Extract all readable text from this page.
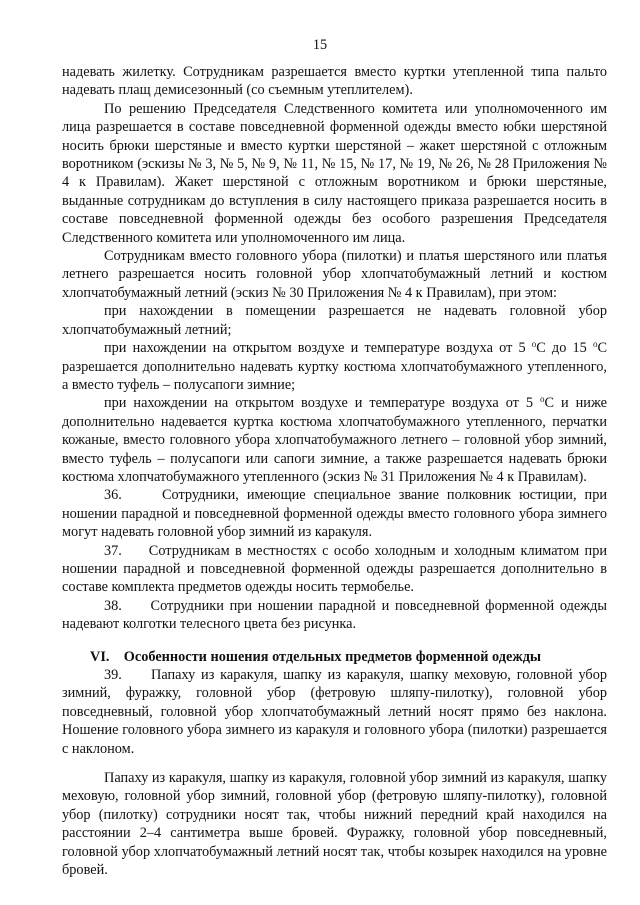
15

надевать жилетку. Сотрудникам разрешается вместо куртки утепленной типа пальто надевать плащ демисезонный (со съемным утеплителем).

По решению Председателя Следственного комитета или уполномоченного им лица разрешается в составе повседневной форменной одежды вместо юбки шерстяной носить брюки шерстяные и вместо куртки шерстяной – жакет шерстяной с отложным воротником (эскизы № 3, № 5, № 9, № 11, № 15, № 17, № 19, № 26, № 28 Приложения № 4 к Правилам). Жакет шерстяной с отложным воротником и брюки шерстяные, выданные сотрудникам до вступления в силу настоящего приказа разрешается носить в составе повседневной форменной одежды без особого разрешения Председателя Следственного комитета или уполномоченного им лица.

Сотрудникам вместо головного убора (пилотки) и платья шерстяного или платья летнего разрешается носить головной убор хлопчатобумажный летний и костюм хлопчатобумажный летний (эскиз № 30 Приложения № 4 к Правилам), при этом:

при нахождении в помещении разрешается не надевать головной убор хлопчатобумажный летний;

при нахождении на открытом воздухе и температуре воздуха от 5 $^о$С до 15 $^о$С разрешается дополнительно надевать куртку костюма хлопчатобумажного утепленного, а вместо туфель – полусапоги зимние;

при нахождении на открытом воздухе и температуре воздуха от 5 $^о$С и ниже дополнительно надевается куртка костюма хлопчатобумажного утепленного, перчатки кожаные, вместо головного убора хлопчатобумажного летнего – головной убор зимний, вместо туфель – полусапоги или сапоги зимние, а также разрешается надевать брюки костюма хлопчатобумажного утепленного (эскиз № 31 Приложения № 4 к Правилам).

36.     Сотрудники, имеющие специальное звание полковник юстиции, при ношении парадной и повседневной форменной одежды вместо головного убора зимнего могут надевать головной убор зимний из каракуля.

37.     Сотрудникам в местностях с особо холодным и холодным климатом при ношении парадной и повседневной форменной одежды разрешается дополнительно в составе комплекта предметов одежды носить термобелье.

38.     Сотрудники при ношении парадной и повседневной форменной одежды надевают колготки телесного цвета без рисунка.

VI.    Особенности ношения отдельных предметов форменной одежды

39.     Папаху из каракуля, шапку из каракуля, шапку меховую, головной убор зимний, фуражку, головной убор (фетровую шляпу-пилотку), головной убор повседневный, головной убор хлопчатобумажный летний носят прямо без наклона. Ношение головного убора зимнего из каракуля и головного убора (пилотки) разрешается с наклоном.

Папаху из каракуля, шапку из каракуля, головной убор зимний из каракуля, шапку меховую, головной убор зимний, головной убор (фетровую шляпу-пилотку), головной убор (пилотку) сотрудники носят так, чтобы нижний передний край находился на расстоянии 2–4 сантиметра выше бровей. Фуражку, головной убор повседневный, головной убор хлопчатобумажный летний носят так, чтобы козырек находился на уровне бровей.
